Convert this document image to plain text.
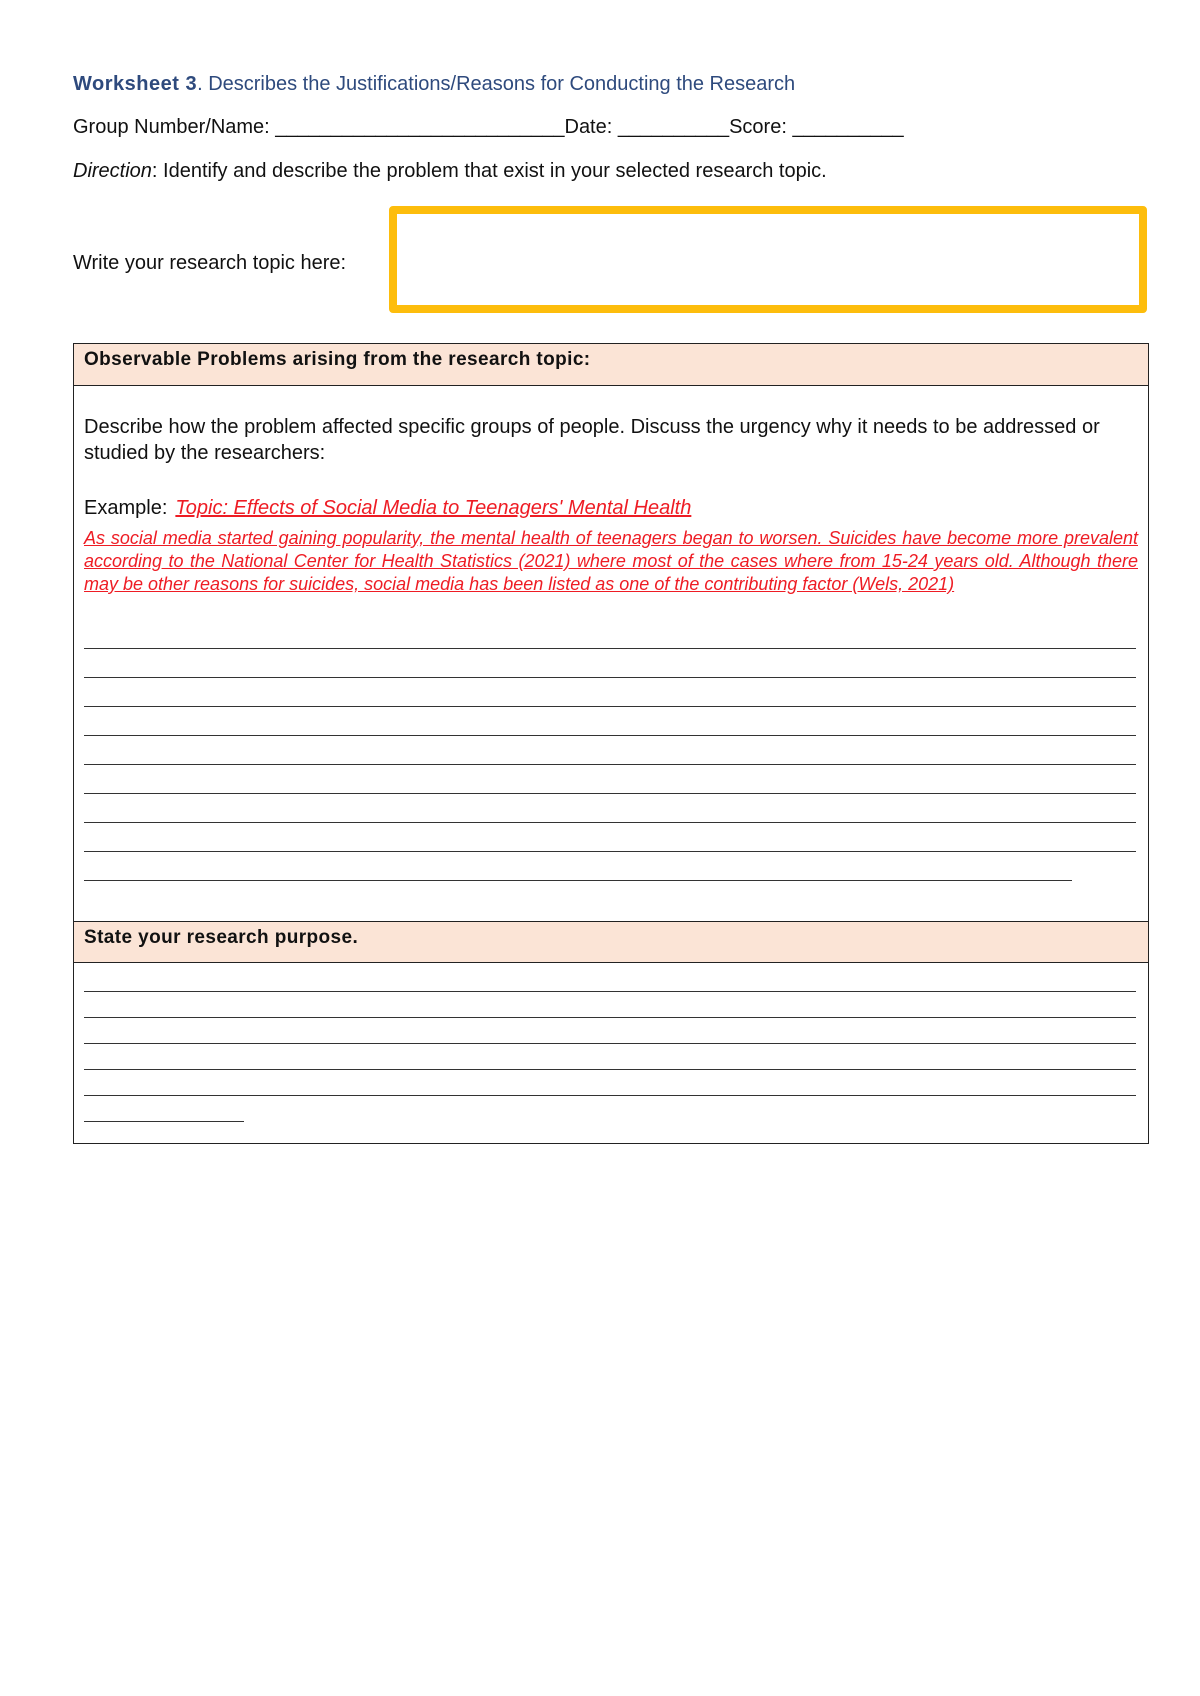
Worksheet 3. Describes the Justifications/Reasons for Conducting the Research
Group Number/Name: __________________________Date: __________Score: __________
Direction: Identify and describe the problem that exist in your selected research topic.
Write your research topic here:
Observable Problems arising from the research topic:
Describe how the problem affected specific groups of people. Discuss the urgency why it needs to be addressed or studied by the researchers:
Example: Topic: Effects of Social Media to Teenagers' Mental Health
As social media started gaining popularity, the mental health of teenagers began to worsen. Suicides have become more prevalent according to the National Center for Health Statistics (2021) where most of the cases where from 15-24 years old. Although there may be other reasons for suicides, social media has been listed as one of the contributing factor (Wels, 2021)
State your research purpose.
